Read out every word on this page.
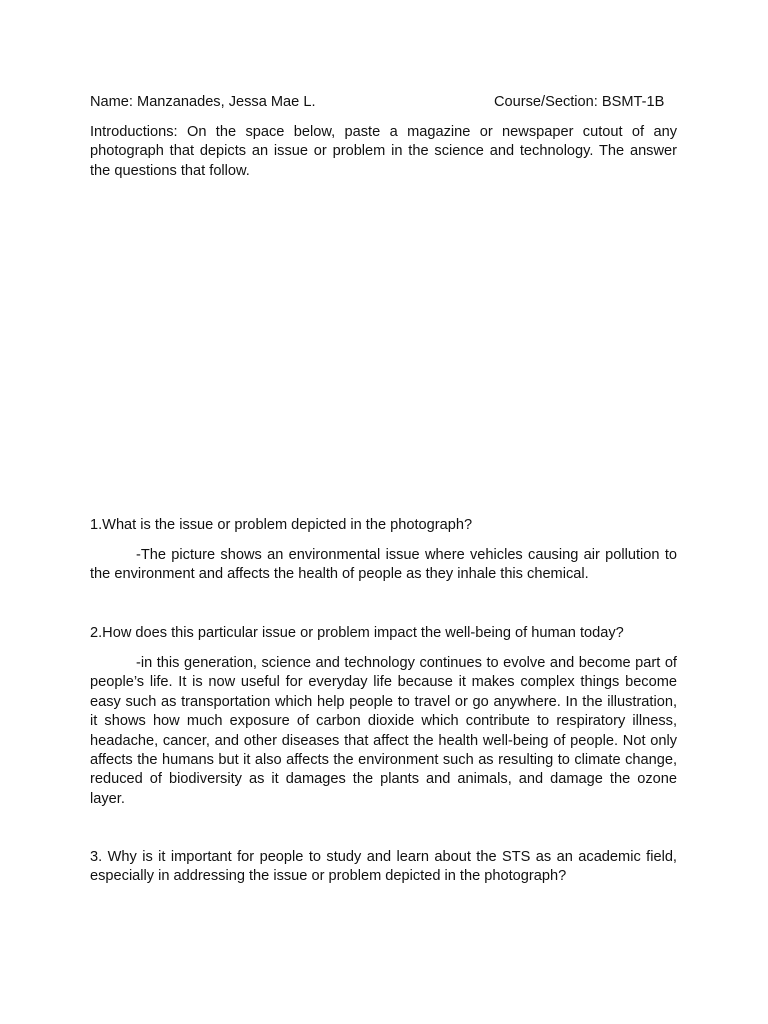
Name: Manzanades, Jessa Mae L.	Course/Section: BSMT-1B

Introductions: On the space below, paste a magazine or newspaper cutout of any photograph that depicts an issue or problem in the science and technology. The answer the questions that follow.

1.What is the issue or problem depicted in the photograph?

-The picture shows an environmental issue where vehicles causing air pollution to the environment and affects the health of people as they inhale this chemical.

2.How does this particular issue or problem impact the well-being of human today?

-in this generation, science and technology continues to evolve and become part of people’s life. It is now useful for everyday life because it makes complex things become easy such as transportation which help people to travel or go anywhere. In the illustration, it shows how much exposure of carbon dioxide which contribute to respiratory illness, headache, cancer, and other diseases that affect the health well-being of people. Not only affects the humans but it also affects the environment such as resulting to climate change, reduced of biodiversity as it damages the plants and animals, and damage the ozone layer.

3. Why is it important for people to study and learn about the STS as an academic field, especially in addressing the issue or problem depicted in the photograph?
